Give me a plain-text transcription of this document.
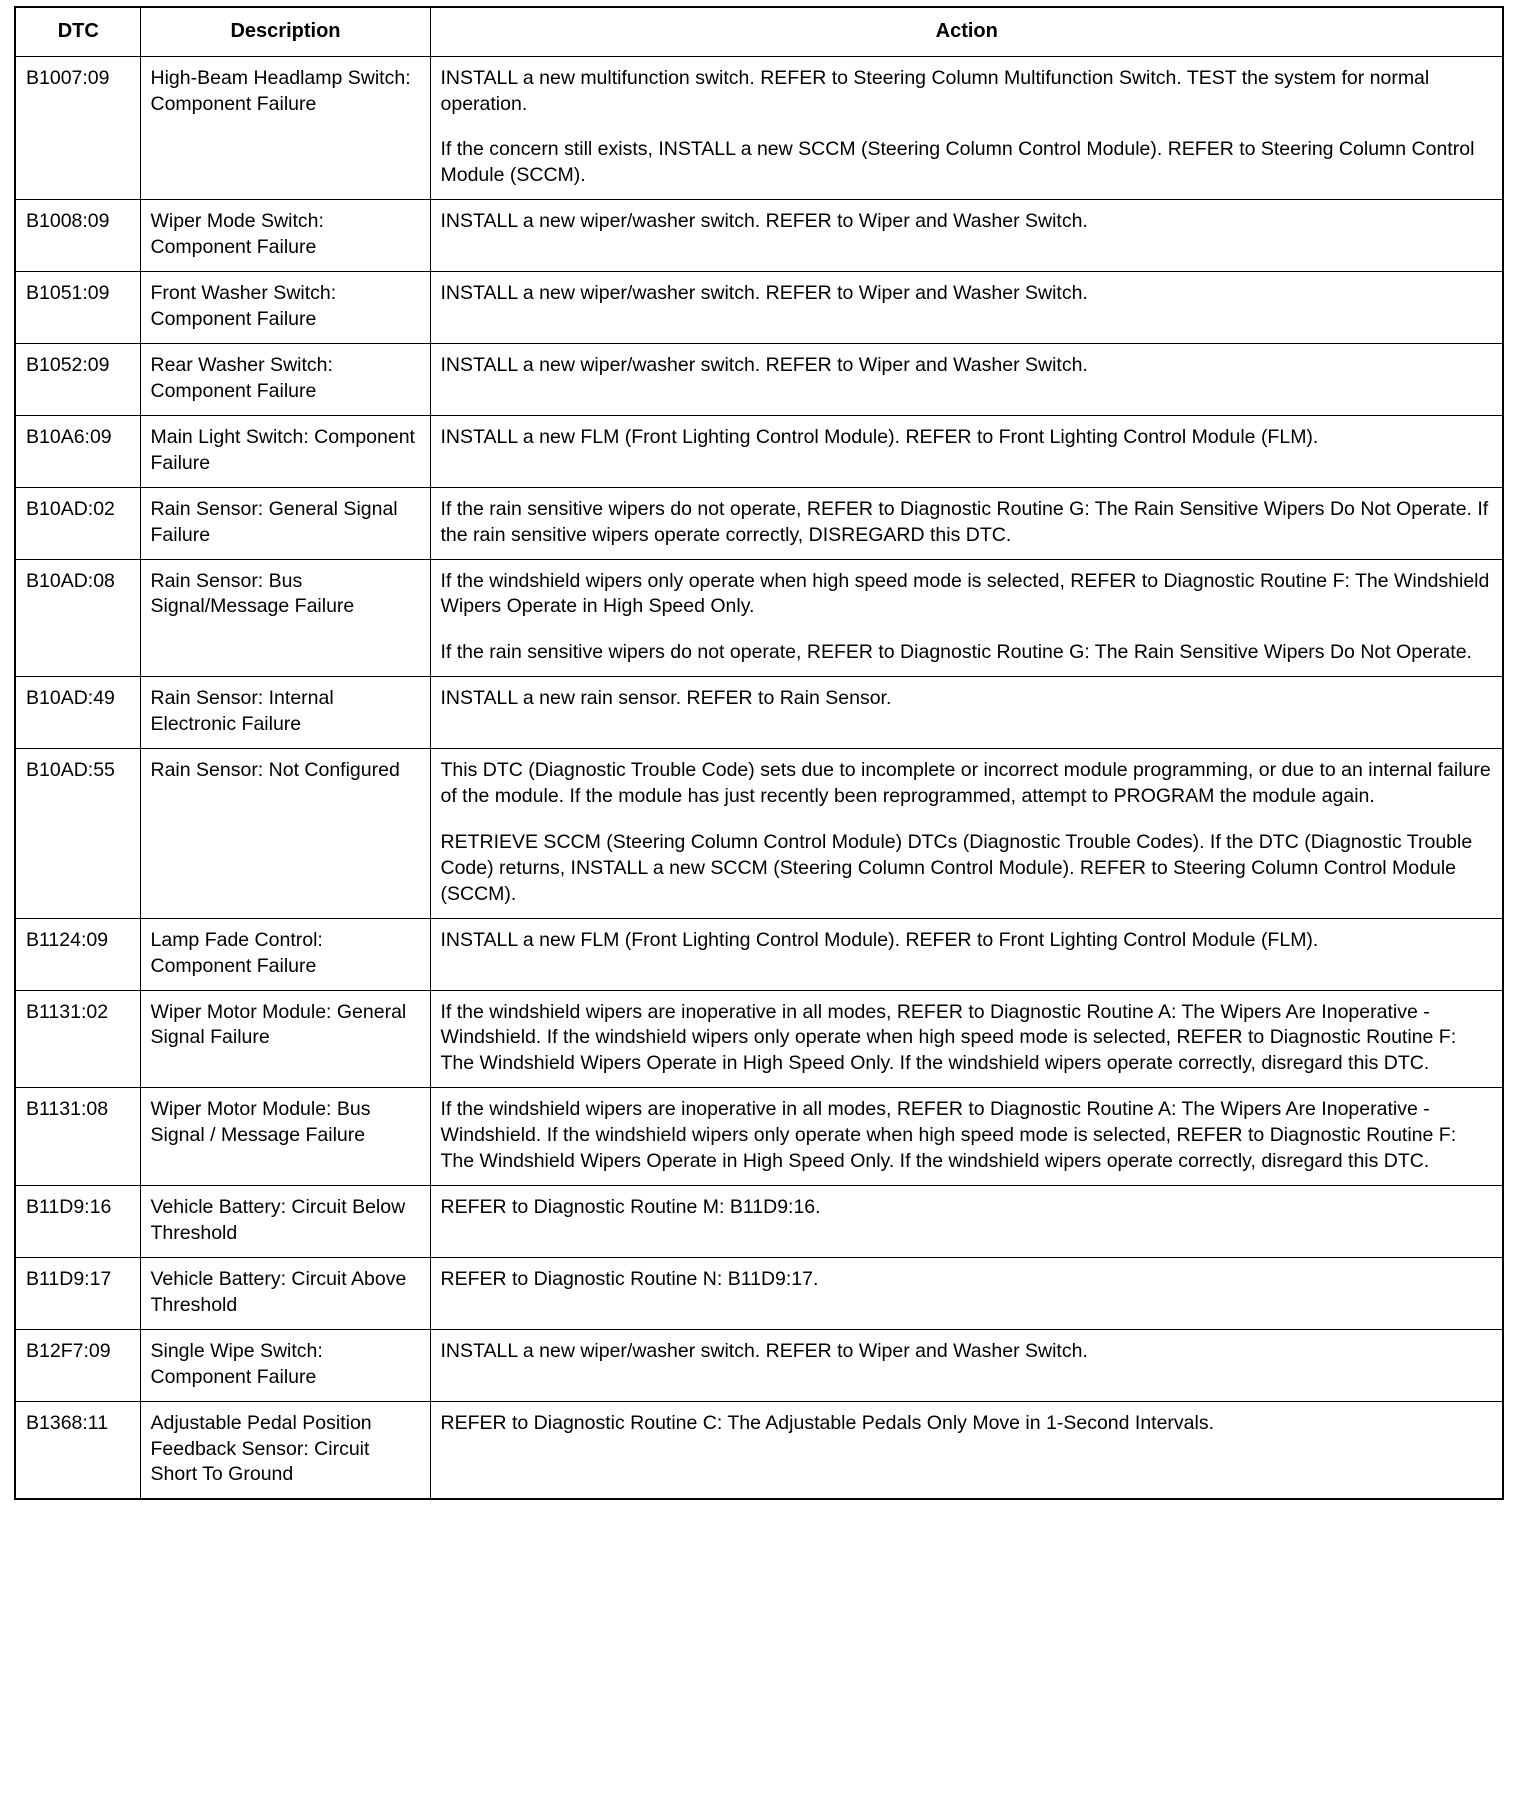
DTC	Description	Action
B1007:09	High-Beam Headlamp Switch: Component Failure	INSTALL a new multifunction switch. REFER to Steering Column Multifunction Switch. TEST the system for normal operation.

If the concern still exists, INSTALL a new SCCM (Steering Column Control Module). REFER to Steering Column Control Module (SCCM).

B1008:09	Wiper Mode Switch: Component Failure	INSTALL a new wiper/washer switch. REFER to Wiper and Washer Switch.

B1051:09	Front Washer Switch: Component Failure	INSTALL a new wiper/washer switch. REFER to Wiper and Washer Switch.

B1052:09	Rear Washer Switch: Component Failure	INSTALL a new wiper/washer switch. REFER to Wiper and Washer Switch.

B10A6:09	Main Light Switch: Component Failure	INSTALL a new FLM (Front Lighting Control Module). REFER to Front Lighting Control Module (FLM).

B10AD:02	Rain Sensor: General Signal Failure	If the rain sensitive wipers do not operate, REFER to Diagnostic Routine G: The Rain Sensitive Wipers Do Not Operate. If the rain sensitive wipers operate correctly, DISREGARD this DTC.

B10AD:08	Rain Sensor: Bus Signal/Message Failure	If the windshield wipers only operate when high speed mode is selected, REFER to Diagnostic Routine F: The Windshield Wipers Operate in High Speed Only.

If the rain sensitive wipers do not operate, REFER to Diagnostic Routine G: The Rain Sensitive Wipers Do Not Operate.

B10AD:49	Rain Sensor: Internal Electronic Failure	INSTALL a new rain sensor. REFER to Rain Sensor.

B10AD:55	Rain Sensor: Not Configured	This DTC (Diagnostic Trouble Code) sets due to incomplete or incorrect module programming, or due to an internal failure of the module. If the module has just recently been reprogrammed, attempt to PROGRAM the module again.

RETRIEVE SCCM (Steering Column Control Module) DTCs (Diagnostic Trouble Codes). If the DTC (Diagnostic Trouble Code) returns, INSTALL a new SCCM (Steering Column Control Module). REFER to Steering Column Control Module (SCCM).

B1124:09	Lamp Fade Control: Component Failure	INSTALL a new FLM (Front Lighting Control Module). REFER to Front Lighting Control Module (FLM).

B1131:02	Wiper Motor Module: General Signal Failure	If the windshield wipers are inoperative in all modes, REFER to Diagnostic Routine A: The Wipers Are Inoperative - Windshield. If the windshield wipers only operate when high speed mode is selected, REFER to Diagnostic Routine F: The Windshield Wipers Operate in High Speed Only. If the windshield wipers operate correctly, disregard this DTC.

B1131:08	Wiper Motor Module: Bus Signal / Message Failure	If the windshield wipers are inoperative in all modes, REFER to Diagnostic Routine A: The Wipers Are Inoperative - Windshield. If the windshield wipers only operate when high speed mode is selected, REFER to Diagnostic Routine F: The Windshield Wipers Operate in High Speed Only. If the windshield wipers operate correctly, disregard this DTC.

B11D9:16	Vehicle Battery: Circuit Below Threshold	REFER to Diagnostic Routine M: B11D9:16.

B11D9:17	Vehicle Battery: Circuit Above Threshold	REFER to Diagnostic Routine N: B11D9:17.

B12F7:09	Single Wipe Switch: Component Failure	INSTALL a new wiper/washer switch. REFER to Wiper and Washer Switch.

B1368:11	Adjustable Pedal Position Feedback Sensor: Circuit Short To Ground	REFER to Diagnostic Routine C: The Adjustable Pedals Only Move in 1-Second Intervals.
